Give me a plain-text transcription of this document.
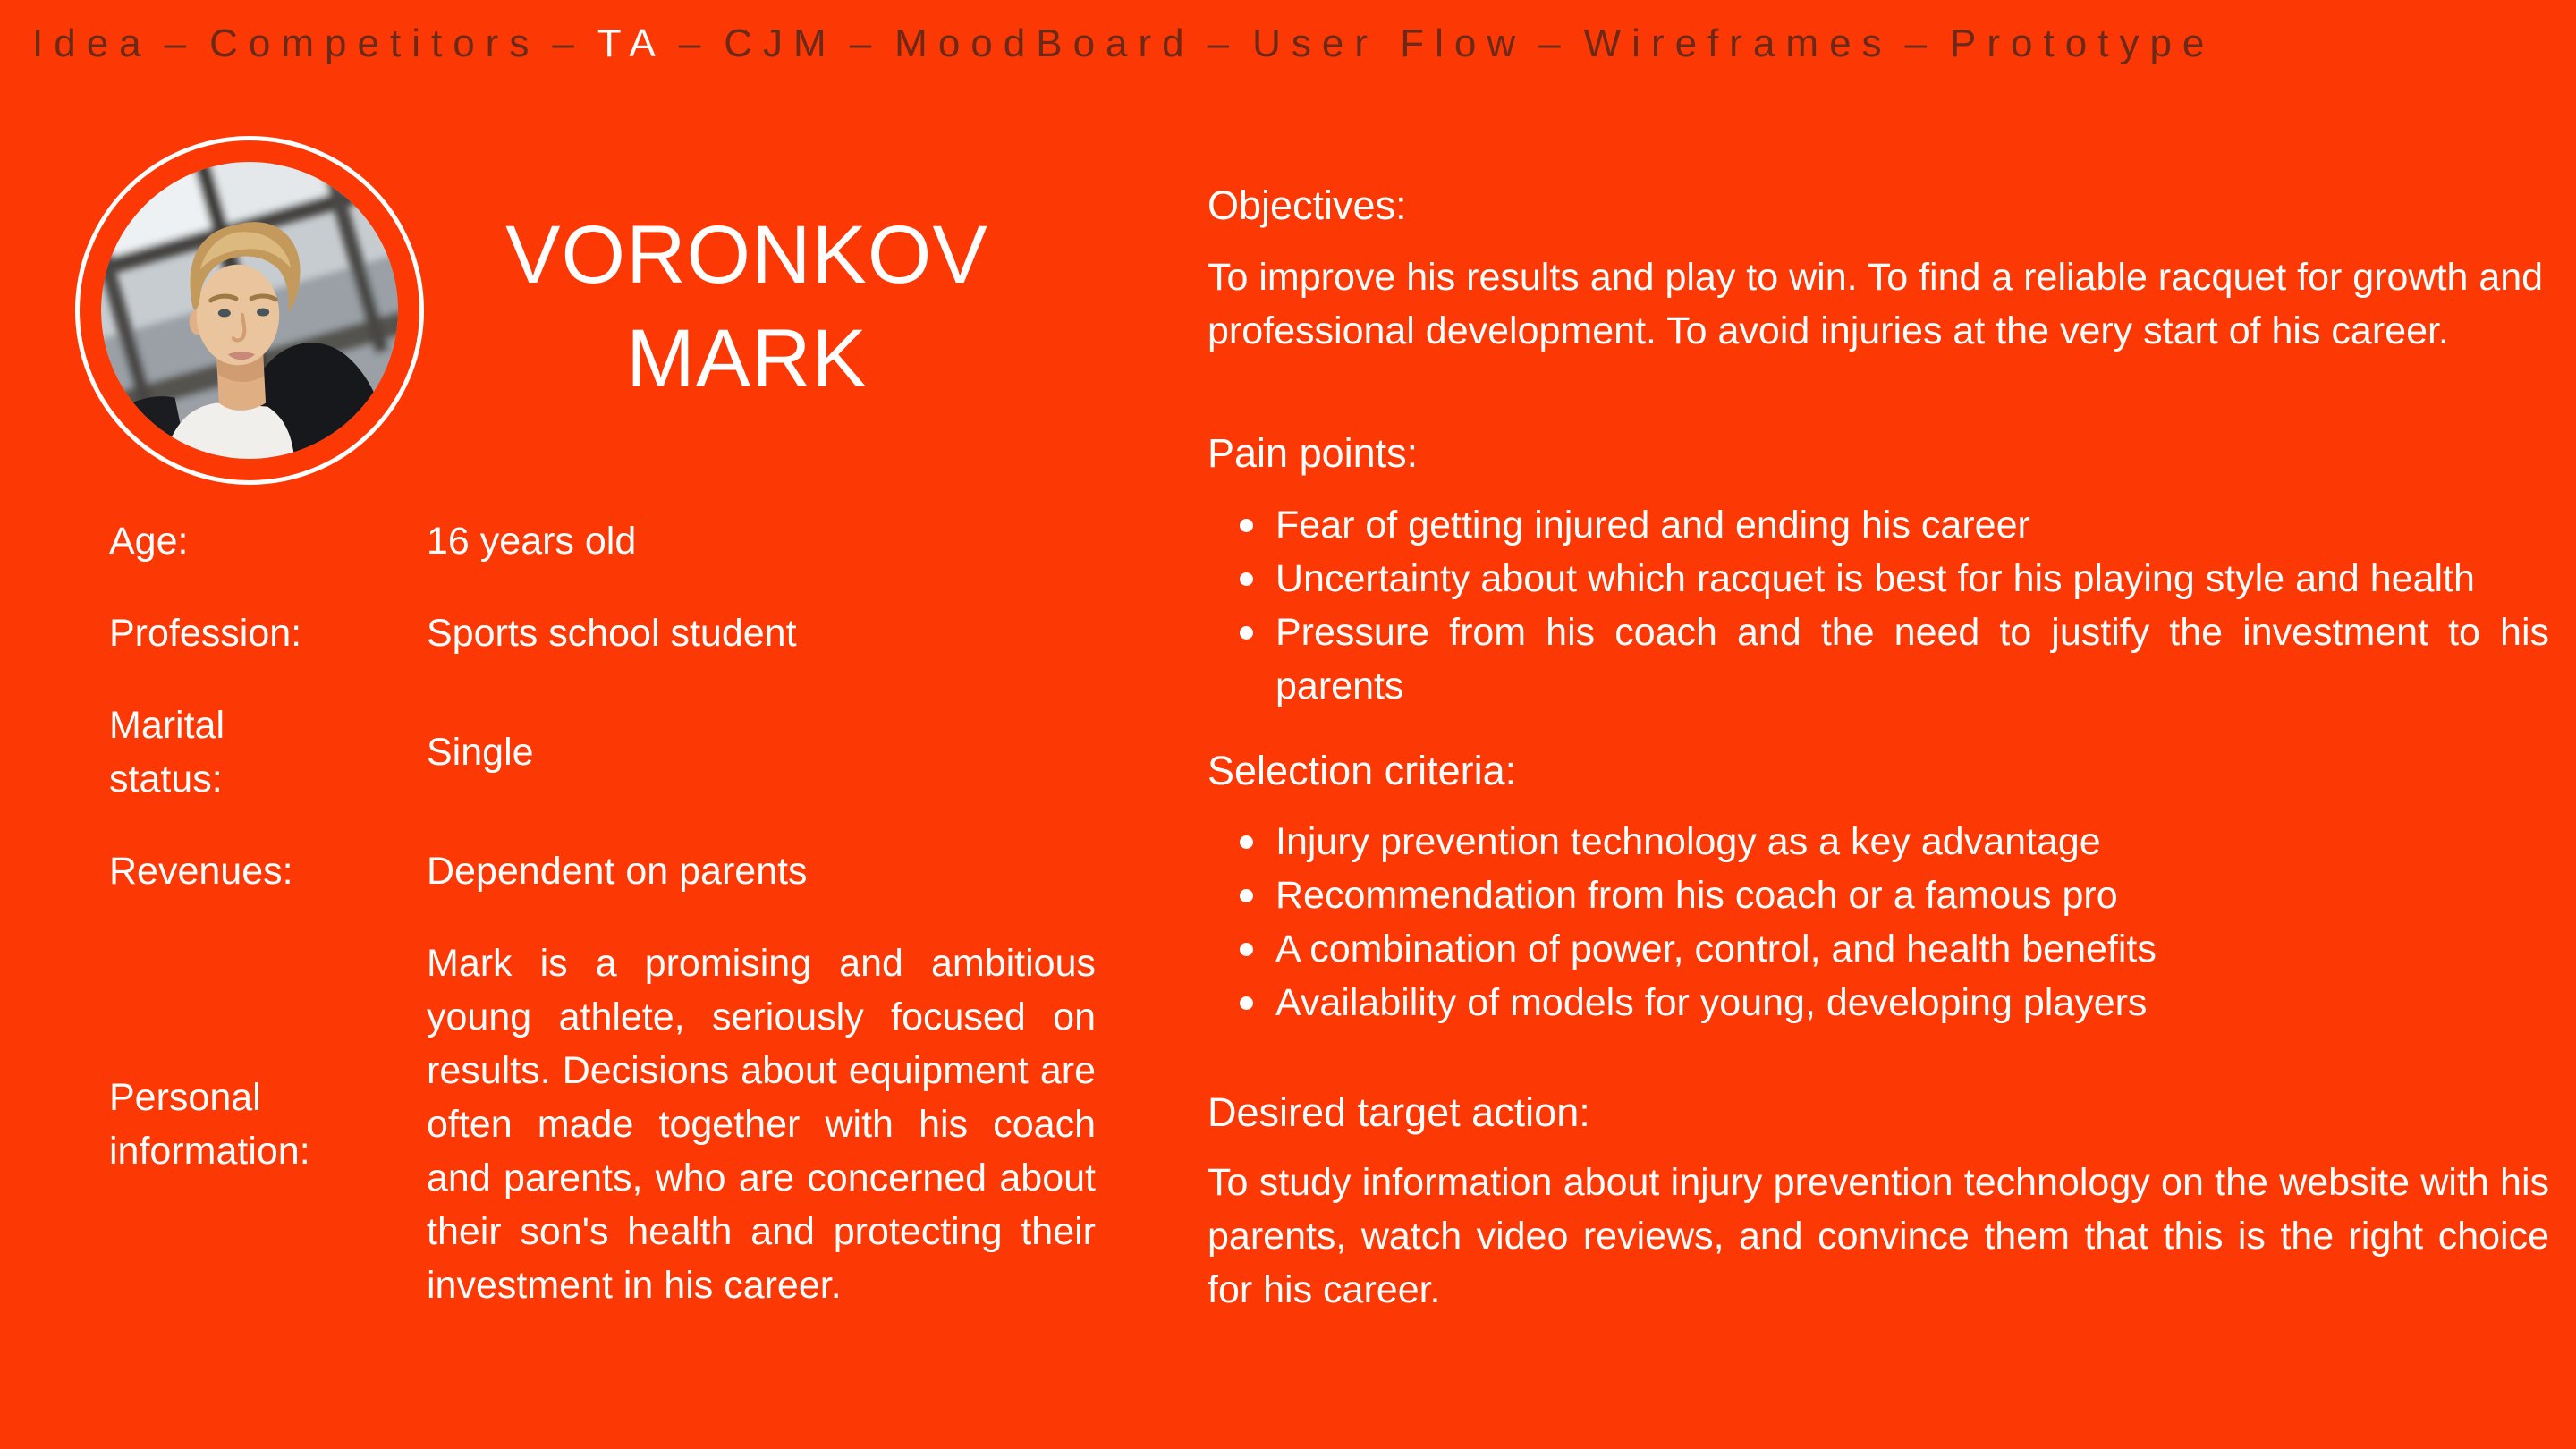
Idea – Competitors – TA – CJM – MoodBoard – User Flow – Wireframes – Prototype
VORONKOV
MARK
Age:	16 years old
Profession:	Sports school student
Marital status:
Single
Revenues:	Dependent on parents
Personal information:
Mark is a promising and ambitious young athlete, seriously focused on results. Decisions about equipment are often made together with his coach and parents, who are concerned about their son's health and protecting their investment in his career.
Objectives:

To improve his results and play to win. To find a reliable racquet for growth and professional development. To avoid injuries at the very start of his career.

Pain points:
Fear of getting injured and ending his career
Uncertainty about which racquet is best for his playing style and health
Pressure from his coach and the need to justify the investment to his parents
Selection criteria:
Injury prevention technology as a key advantage
Recommendation from his coach or a famous pro
A combination of power, control, and health benefits
Availability of models for young, developing players
Desired target action:

To study information about injury prevention technology on the website with his parents, watch video reviews, and convince them that this is the right choice for his career.
